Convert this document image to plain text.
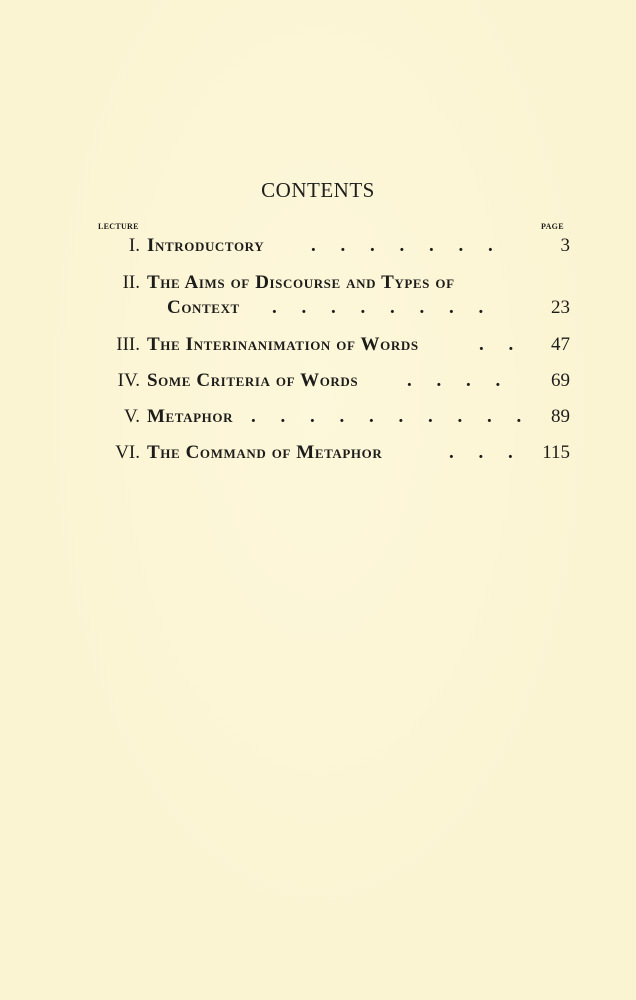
CONTENTS
LECTURE	PAGE
I. Introductory . . . . . . .	3
II. The Aims of Discourse and Types of
Context . . . . . . . .	23
III. The Interinanimation of Words	. . 47
IV. Some Criteria of Words	. . . . 69
V. Metaphor . . . . . . . . . . 89
VI. The Command of Metaphor	. . . 115
